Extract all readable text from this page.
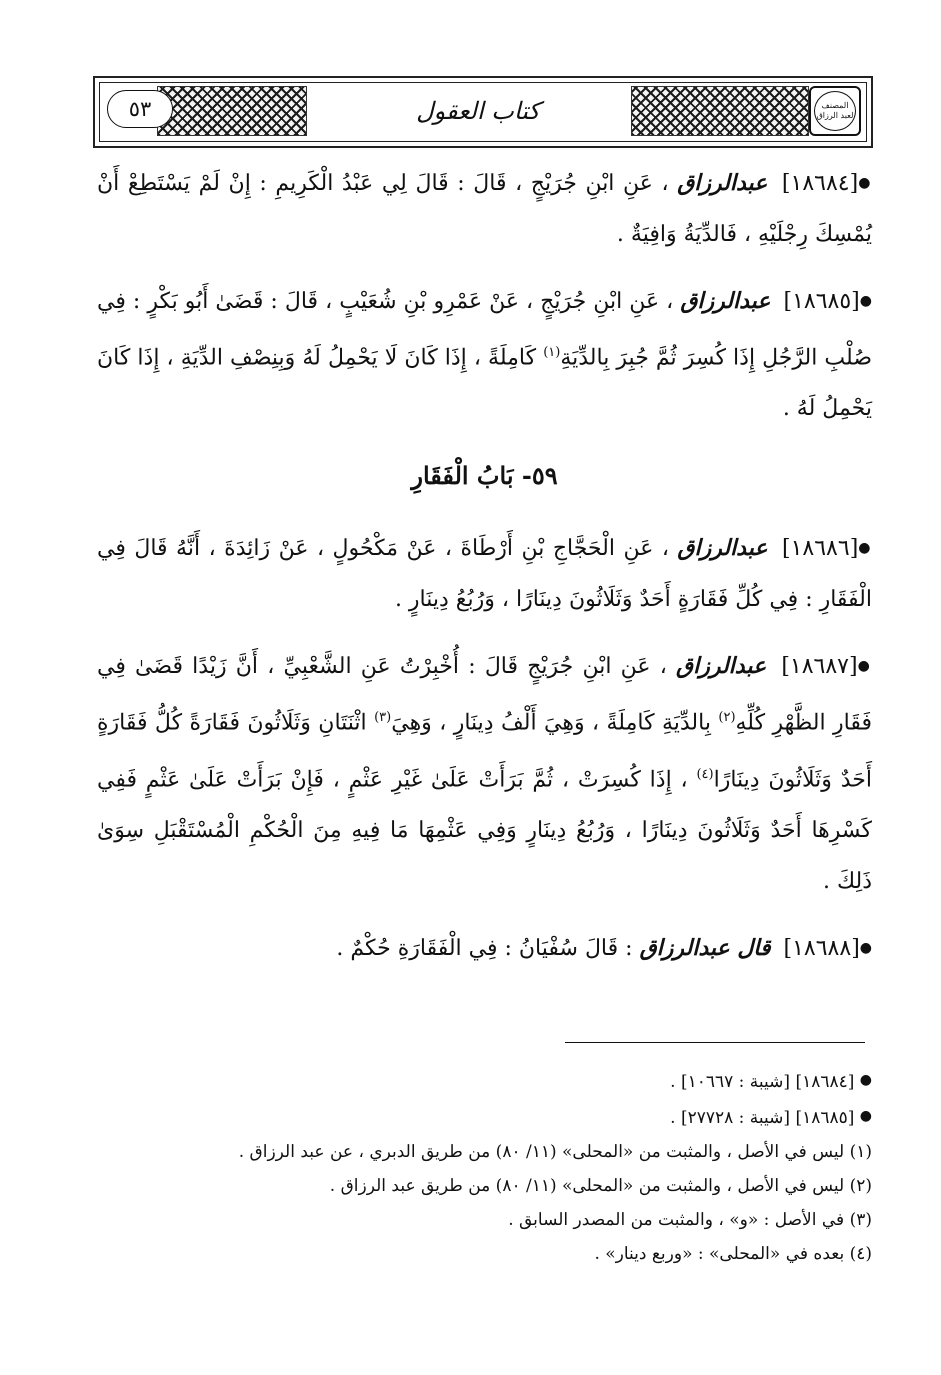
المصنف لعبد الرزاق
٥٣	كتاب العقول

●[١٨٦٨٤] عبدالرزاق ، عَنِ ابْنِ جُرَيْجٍ ، قَالَ : قَالَ لِي عَبْدُ الْكَرِيمِ : إِنْ لَمْ يَسْتَطِعْ أَنْ يُمْسِكَ رِجْلَيْهِ ، فَالدِّيَةُ وَافِيَةٌ .

●[١٨٦٨٥] عبدالرزاق ، عَنِ ابْنِ جُرَيْجٍ ، عَنْ عَمْرِو بْنِ شُعَيْبٍ ، قَالَ : قَضَىٰ أَبُو بَكْرٍ : فِي صُلْبِ الرَّجُلِ إِذَا كُسِرَ ثُمَّ جُبِرَ بِالدِّيَةِ$^{(١)}$ كَامِلَةً ، إِذَا كَانَ لَا يَحْمِلُ لَهُ وَبِنِصْفِ الدِّيَةِ ، إِذَا كَانَ يَحْمِلُ لَهُ .

٥٩- بَابُ الْفَقَارِ

●[١٨٦٨٦] عبدالرزاق ، عَنِ الْحَجَّاجِ بْنِ أَرْطَاةَ ، عَنْ مَكْحُولٍ ، عَنْ زَائِدَةَ ، أَنَّهُ قَالَ فِي الْفَقَارِ : فِي كُلِّ فَقَارَةٍ أَحَدٌ وَثَلَاثُونَ دِينَارًا ، وَرُبُعُ دِينَارٍ .

●[١٨٦٨٧] عبدالرزاق ، عَنِ ابْنِ جُرَيْجٍ قَالَ : أُخْبِرْتُ عَنِ الشَّعْبِيِّ ، أَنَّ زَيْدًا قَضَىٰ فِي فَقَارِ الظَّهْرِ كُلِّهِ$^{(٢)}$ بِالدِّيَةِ كَامِلَةً ، وَهِيَ أَلْفُ دِينَارٍ ، وَهِيَ$^{(٣)}$ اثْنَتَانِ وَثَلَاثُونَ فَقَارَةً كُلُّ فَقَارَةٍ أَحَدٌ وَثَلَاثُونَ دِينَارًا$^{(٤)}$ ، إِذَا كُسِرَتْ ، ثُمَّ بَرَأَتْ عَلَىٰ غَيْرِ عَثْمٍ ، فَإِنْ بَرَأَتْ عَلَىٰ عَثْمٍ فَفِي كَسْرِهَا أَحَدٌ وَثَلَاثُونَ دِينَارًا ، وَرُبُعُ دِينَارٍ وَفِي عَثْمِهَا مَا فِيهِ مِنَ الْحُكْمِ الْمُسْتَقْبَلِ سِوَىٰ ذَلِكَ .

●[١٨٦٨٨] قال عبدالرزاق : قَالَ سُفْيَانُ : فِي الْفَقَارَةِ حُكْمٌ .

● [١٨٦٨٤] [شيبة : ١٠٦٦٧] .
● [١٨٦٨٥] [شيبة : ٢٧٧٢٨] .
(١) ليس في الأصل ، والمثبت من «المحلى» (١١/ ٨٠) من طريق الدبري ، عن عبد الرزاق .
(٢) ليس في الأصل ، والمثبت من «المحلى» (١١/ ٨٠) من طريق عبد الرزاق .
(٣) في الأصل : «و» ، والمثبت من المصدر السابق .
(٤) بعده في «المحلى» : «وربع دينار» .
